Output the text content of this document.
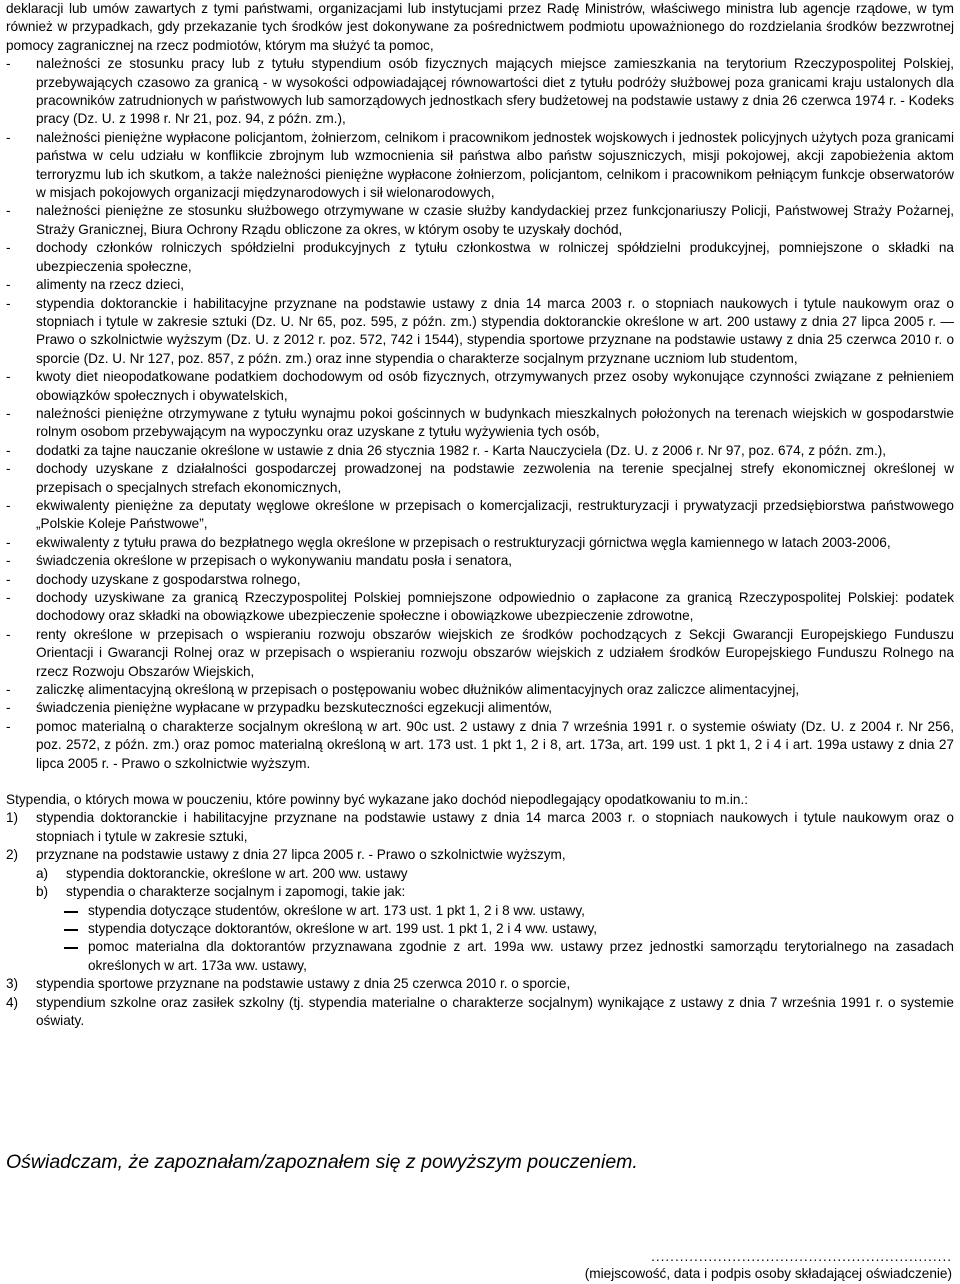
deklaracji lub umów zawartych z tymi państwami, organizacjami lub instytucjami przez Radę Ministrów, właściwego ministra lub agencje rządowe, w tym również w przypadkach, gdy przekazanie tych środków jest dokonywane za pośrednictwem podmiotu upoważnionego do rozdzielania środków bezzwrotnej pomocy zagranicznej na rzecz podmiotów, którym ma służyć ta pomoc,

- należności ze stosunku pracy lub z tytułu stypendium osób fizycznych mających miejsce zamieszkania na terytorium Rzeczypospolitej Polskiej, przebywających czasowo za granicą - w wysokości odpowiadającej równowartości diet z tytułu podróży służbowej poza granicami kraju ustalonych dla pracowników zatrudnionych w państwowych lub samorządowych jednostkach sfery budżetowej na podstawie ustawy z dnia 26 czerwca 1974 r. - Kodeks pracy (Dz. U. z 1998 r. Nr 21, poz. 94, z późn. zm.),
- należności pieniężne wypłacone policjantom, żołnierzom, celnikom i pracownikom jednostek wojskowych i jednostek policyjnych użytych poza granicami państwa w celu udziału w konflikcie zbrojnym lub wzmocnienia sił państwa albo państw sojuszniczych, misji pokojowej, akcji zapobieżenia aktom terroryzmu lub ich skutkom, a także należności pieniężne wypłacone żołnierzom, policjantom, celnikom i pracownikom pełniącym funkcje obserwatorów w misjach pokojowych organizacji międzynarodowych i sił wielonarodowych,
- należności pieniężne ze stosunku służbowego otrzymywane w czasie służby kandydackiej przez funkcjonariuszy Policji, Państwowej Straży Pożarnej, Straży Granicznej, Biura Ochrony Rządu obliczone za okres, w którym osoby te uzyskały dochód,
- dochody członków rolniczych spółdzielni produkcyjnych z tytułu członkostwa w rolniczej spółdzielni produkcyjnej, pomniejszone o składki na ubezpieczenia społeczne,
- alimenty na rzecz dzieci,
- stypendia doktoranckie i habilitacyjne przyznane na podstawie ustawy z dnia 14 marca 2003 r. o stopniach naukowych i tytule naukowym oraz o stopniach i tytule w zakresie sztuki (Dz. U. Nr 65, poz. 595, z późn. zm.) stypendia doktoranckie określone w art. 200 ustawy z dnia 27 lipca 2005 r. — Prawo o szkolnictwie wyższym (Dz. U. z 2012 r. poz. 572, 742 i 1544), stypendia sportowe przyznane na podstawie ustawy z dnia 25 czerwca 2010 r. o sporcie (Dz. U. Nr 127, poz. 857, z późn. zm.) oraz inne stypendia o charakterze socjalnym przyznane uczniom lub studentom,
- kwoty diet nieopodatkowane podatkiem dochodowym od osób fizycznych, otrzymywanych przez osoby wykonujące czynności związane z pełnieniem obowiązków społecznych i obywatelskich,
- należności pieniężne otrzymywane z tytułu wynajmu pokoi gościnnych w budynkach mieszkalnych położonych na terenach wiejskich w gospodarstwie rolnym osobom przebywającym na wypoczynku oraz uzyskane z tytułu wyżywienia tych osób,
- dodatki za tajne nauczanie określone w ustawie z dnia 26 stycznia 1982 r. - Karta Nauczyciela (Dz. U. z 2006 r. Nr 97, poz. 674, z późn. zm.),
- dochody uzyskane z działalności gospodarczej prowadzonej na podstawie zezwolenia na terenie specjalnej strefy ekonomicznej określonej w przepisach o specjalnych strefach ekonomicznych,
- ekwiwalenty pieniężne za deputaty węglowe określone w przepisach o komercjalizacji, restrukturyzacji i prywatyzacji przedsiębiorstwa państwowego „Polskie Koleje Państwowe”,
- ekwiwalenty z tytułu prawa do bezpłatnego węgla określone w przepisach o restrukturyzacji górnictwa węgla kamiennego w latach 2003-2006,
- świadczenia określone w przepisach o wykonywaniu mandatu posła i senatora,
- dochody uzyskane z gospodarstwa rolnego,
- dochody uzyskiwane za granicą Rzeczypospolitej Polskiej pomniejszone odpowiednio o zapłacone za granicą Rzeczypospolitej Polskiej: podatek dochodowy oraz składki na obowiązkowe ubezpieczenie społeczne i obowiązkowe ubezpieczenie zdrowotne,
- renty określone w przepisach o wspieraniu rozwoju obszarów wiejskich ze środków pochodzących z Sekcji Gwarancji Europejskiego Funduszu Orientacji i Gwarancji Rolnej oraz w przepisach o wspieraniu rozwoju obszarów wiejskich z udziałem środków Europejskiego Funduszu Rolnego na rzecz Rozwoju Obszarów Wiejskich,
- zaliczkę alimentacyjną określoną w przepisach o postępowaniu wobec dłużników alimentacyjnych oraz zaliczce alimentacyjnej,
- świadczenia pieniężne wypłacane w przypadku bezskuteczności egzekucji alimentów,
- pomoc materialną o charakterze socjalnym określoną w art. 90c ust. 2 ustawy z dnia 7 września 1991 r. o systemie oświaty (Dz. U. z 2004 r. Nr 256, poz. 2572, z późn. zm.) oraz pomoc materialną określoną w art. 173 ust. 1 pkt 1, 2 i 8, art. 173a, art. 199 ust. 1 pkt 1, 2 i 4 i art. 199a ustawy z dnia 27 lipca 2005 r. - Prawo o szkolnictwie wyższym.

Stypendia, o których mowa w pouczeniu, które powinny być wykazane jako dochód niepodlegający opodatkowaniu to m.in.:

1) stypendia doktoranckie i habilitacyjne przyznane na podstawie ustawy z dnia 14 marca 2003 r. o stopniach naukowych i tytule naukowym oraz o stopniach i tytule w zakresie sztuki,
2) przyznane na podstawie ustawy z dnia 27 lipca 2005 r. - Prawo o szkolnictwie wyższym,
a) stypendia doktoranckie, określone w art. 200 ww. ustawy
b) stypendia o charakterze socjalnym i zapomogi, takie jak:
stypendia dotyczące studentów, określone w art. 173 ust. 1 pkt 1, 2 i 8 ww. ustawy,
stypendia dotyczące doktorantów, określone w art. 199 ust. 1 pkt 1, 2 i 4 ww. ustawy,
pomoc materialna dla doktorantów przyznawana zgodnie z art. 199a ww. ustawy przez jednostki samorządu terytorialnego na zasadach określonych w art. 173a ww. ustawy,
3) stypendia sportowe przyznane na podstawie ustawy z dnia 25 czerwca 2010 r. o sporcie,
4) stypendium szkolne oraz zasiłek szkolny (tj. stypendia materialne o charakterze socjalnym) wynikające z ustawy z dnia 7 września 1991 r. o systemie oświaty.

Oświadczam, że zapoznałam/zapoznałem się z powyższym pouczeniem.

...............................................................
(miejscowość, data i podpis osoby składającej oświadczenie)
